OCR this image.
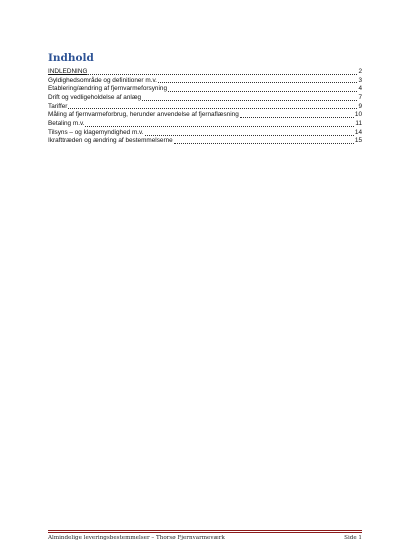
Indhold
INDLEDNING	2
Gyldighedsområde og definitioner m.v.	3
Etablering/ændring af fjernvarmeforsyning	4
Drift og vedligeholdelse af anlæg	7
Tariffer	9
Måling af fjernvarmeforbrug, herunder anvendelse af fjernaflæsning	10
Betaling m.v.	11
Tilsyns – og klagemyndighed m.v.	14
Ikrafttræden og ændring af bestemmelserne	15
Almindelige leveringsbestemmelser – Thorsø Fjernvarmeværk	Side 1
